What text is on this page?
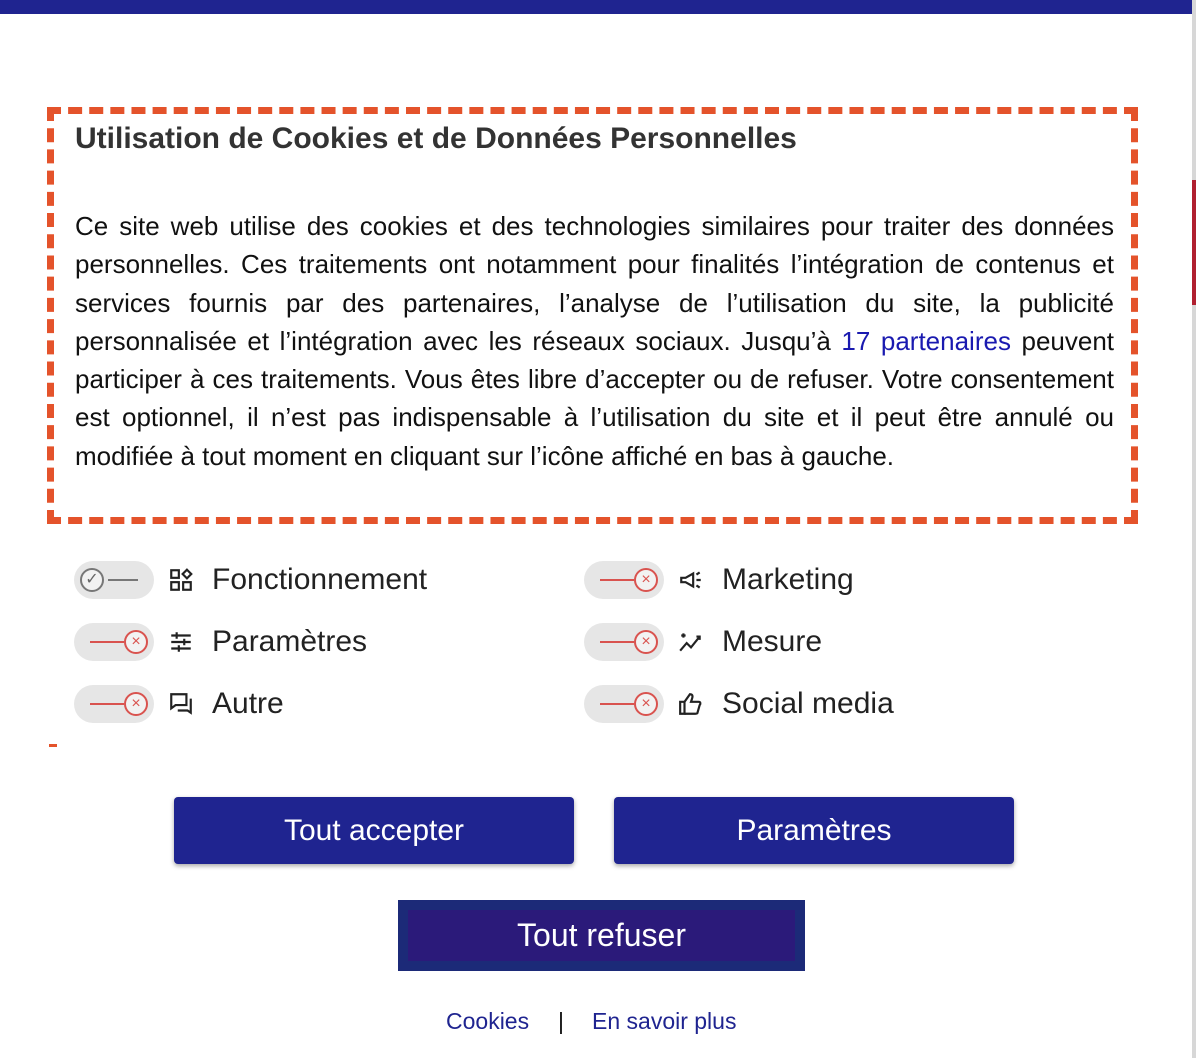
Utilisation de Cookies et de Données Personnelles

Ce site web utilise des cookies et des technologies similaires pour traiter des données personnelles. Ces traitements ont notamment pour finalités l’intégration de contenus et services fournis par des partenaires, l’analyse de l’utilisation du site, la publicité personnalisée et l’intégration avec les réseaux sociaux. Jusqu’à 17 partenaires peuvent participer à ces traitements. Vous êtes libre d’accepter ou de refuser. Votre consentement est optionnel, il n’est pas indispensable à l’utilisation du site et il peut être annulé ou modifiée à tout moment en cliquant sur l’icône affiché en bas à gauche.

✓	Fonctionnement	× Marketing
× Paramètres	× Mesure
× Autre	× Social media
Tout accepter	Paramètres
Tout refuser
Cookies | En savoir plus
